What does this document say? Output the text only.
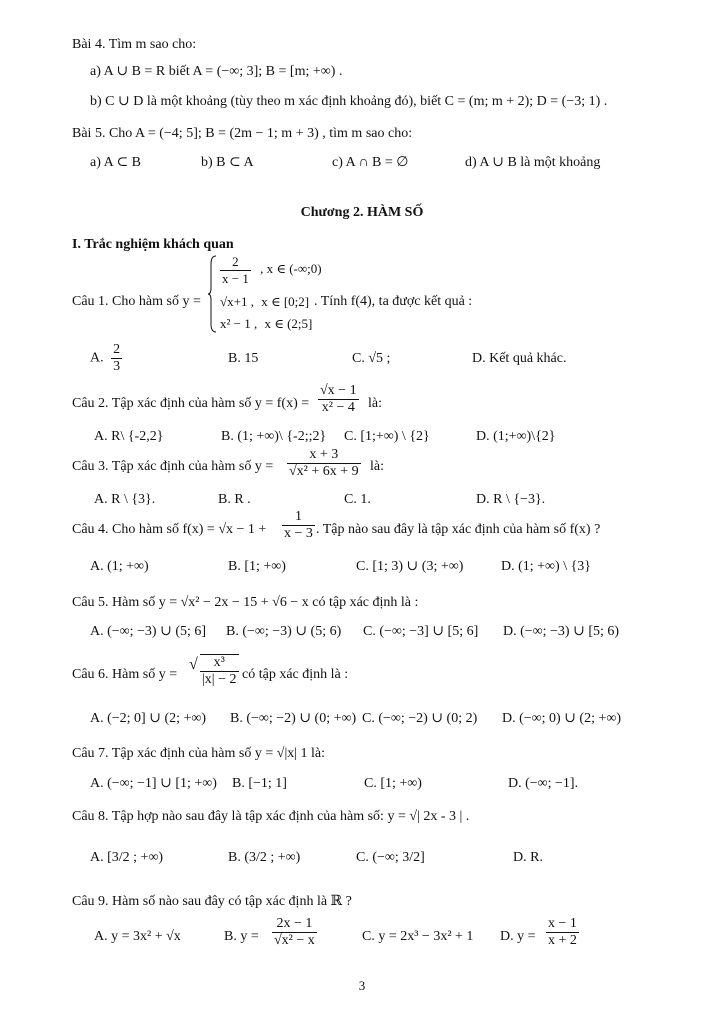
Bài 4. Tìm m sao cho:
a) A ∪ B = R biết A = (−∞; 3]; B = [m; +∞) .
b) C ∪ D là một khoảng (tùy theo m xác định khoảng đó), biết C = (m; m + 2); D = (−3; 1) .
Bài 5. Cho A = (−4; 5]; B = (2m − 1; m + 3) , tìm m sao cho:
a) A ⊂ B	b) B ⊂ A	c) A ∩ B = ∅	d) A ∪ B là một khoảng
Chương 2. HÀM SỐ
I. Trắc nghiệm khách quan
Câu 1. Cho hàm số y =
$\frac{2}{x - 1}$ , x ∈ (-∞;0)
√x+1 , x ∈ [0;2]
x² − 1 , x ∈ (2;5]
. Tính f(4), ta được kết quả :
A. $\frac{2}{3}$	B. 15	C. √5 ;	D. Kết quả khác.
Câu 2. Tập xác định của hàm số $y = f(x) = \frac{√x - 1}{\text{x² − 4}}$ là:
A. R\ {-2,2}	B. (1; +∞)\ {-2;;2} C. [1;+∞) \ {2}	D. (1;+∞)\{2}
Câu 3. Tập xác định của hàm số $y = \frac{x + 3}{\text{√x² + 6x + 9}}$ là:
A. R \ {3}.	B. R .	C. 1.	D. R \ {−3}.
Câu 4. Cho hàm số $f(x) = √x - 1 + \frac{1}{x - 3}$ . Tập nào sau đây là tập xác định của hàm số f(x) ?
A. (1; +∞)	B. [1; +∞)	C. [1; 3) ∪ (3; +∞)	D. (1; +∞) \ {3}
Câu 5. Hàm số y = √x² − 2x − 15 + √6 − x có tập xác định là :
A. (−∞; −3) ∪ (5; 6] B. (−∞; −3) ∪ (5; 6) C. (−∞; −3] ∪ [5; 6] D. (−∞; −3) ∪ [5; 6)
Câu 6. Hàm số y =
√ $\frac{\text{x³}}{|x| - 2}$ có tập xác định là :
A. (−2; 0] ∪ (2; +∞) B. (−∞; −2) ∪ (0; +∞) C. (−∞; −2) ∪ (0; 2) D. (−∞; 0) ∪ (2; +∞)
Câu 7. Tập xác định của hàm số y = √|x| 1 là:
A. (−∞; −1] ∪ [1; +∞) B. [−1; 1]	C. [1; +∞)	D. (−∞; −1].
Câu 8. Tập hợp nào sau đây là tập xác định của hàm số: y = √| 2x - 3 | .
A. [3/2 ; +∞)	B. (3/2 ; +∞)	C. (−∞; 3/2]	D. R.
Câu 9. Hàm số nào sau đây có tập xác định là ℝ ?
A. y = 3x² + √x	B. $y = \frac{2x - 1}{\text{√x² − x}}$	C. y = 2x³ − 3x² + 1 D. $y = \frac{x - 1}{x + 2}$
3
